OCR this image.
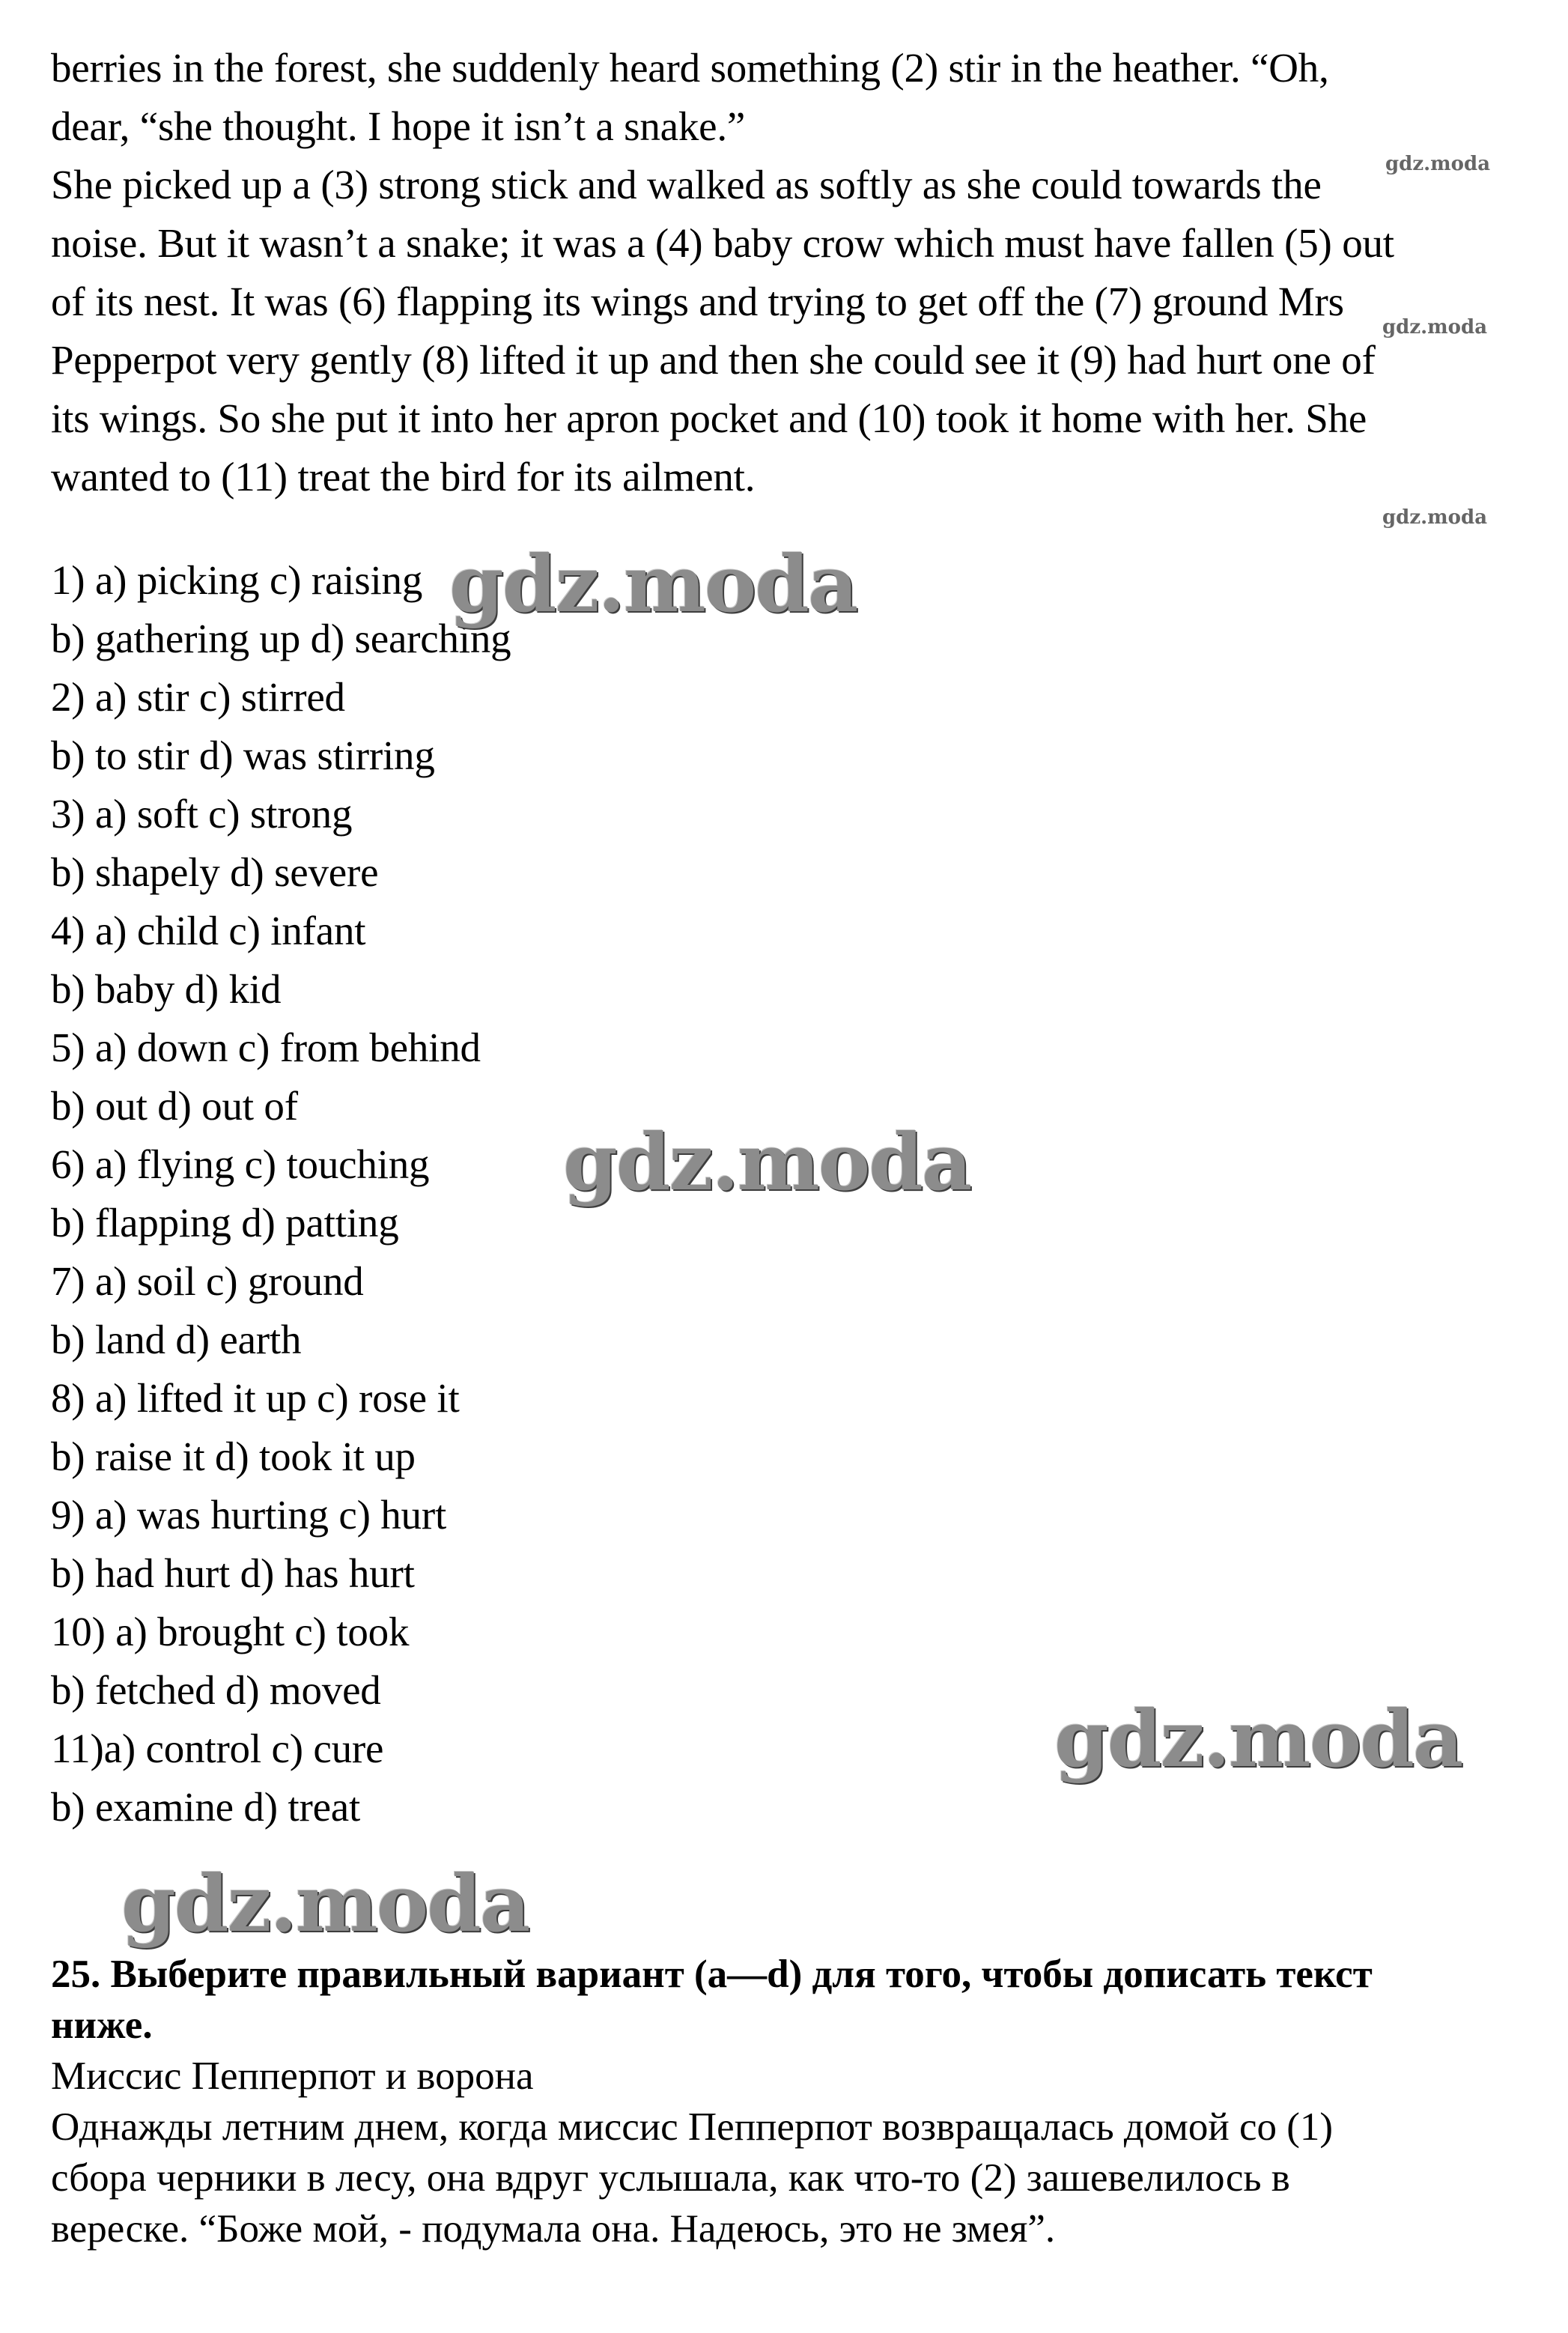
berries in the forest, she suddenly heard something (2) stir in the heather. “Oh,
dear, “she thought. I hope it isn’t a snake.”
She picked up a (3) strong stick and walked as softly as she could towards the
noise. But it wasn’t a snake; it was a (4) baby crow which must have fallen (5) out
of its nest. It was (6) flapping its wings and trying to get off the (7) ground Mrs
Pepperpot very gently (8) lifted it up and then she could see it (9) had hurt one of
its wings. So she put it into her apron pocket and (10) took it home with her. She
wanted to (11) treat the bird for its ailment.
1) a) picking c) raising
b) gathering up d) searching
2) a) stir c) stirred
b) to stir d) was stirring
3) a) soft c) strong
b) shapely d) severe
4) a) child c) infant
b) baby d) kid
5) a) down c) from behind
b) out d) out of
6) a) flying c) touching
b) flapping d) patting
7) a) soil c) ground
b) land d) earth
8) a) lifted it up c) rose it
b) raise it d) took it up
9) a) was hurting c) hurt
b) had hurt d) has hurt
10) a) brought c) took
b) fetched d) moved
11)a) control c) cure
b) examine d) treat
25. Выберите правильный вариант (a—d) для того, чтобы дописать текст
ниже.
Миссис Пепперпот и ворона
Однажды летним днем, когда миссис Пепперпот возвращалась домой со (1)
сбора черники в лесу, она вдруг услышала, как что-то (2) зашевелилось в
вереске. “Боже мой, - подумала она. Надеюсь, это не змея”.
gdz.moda
gdz.moda
gdz.moda
gdz.moda
gdz.moda
gdz.moda
gdz.moda
